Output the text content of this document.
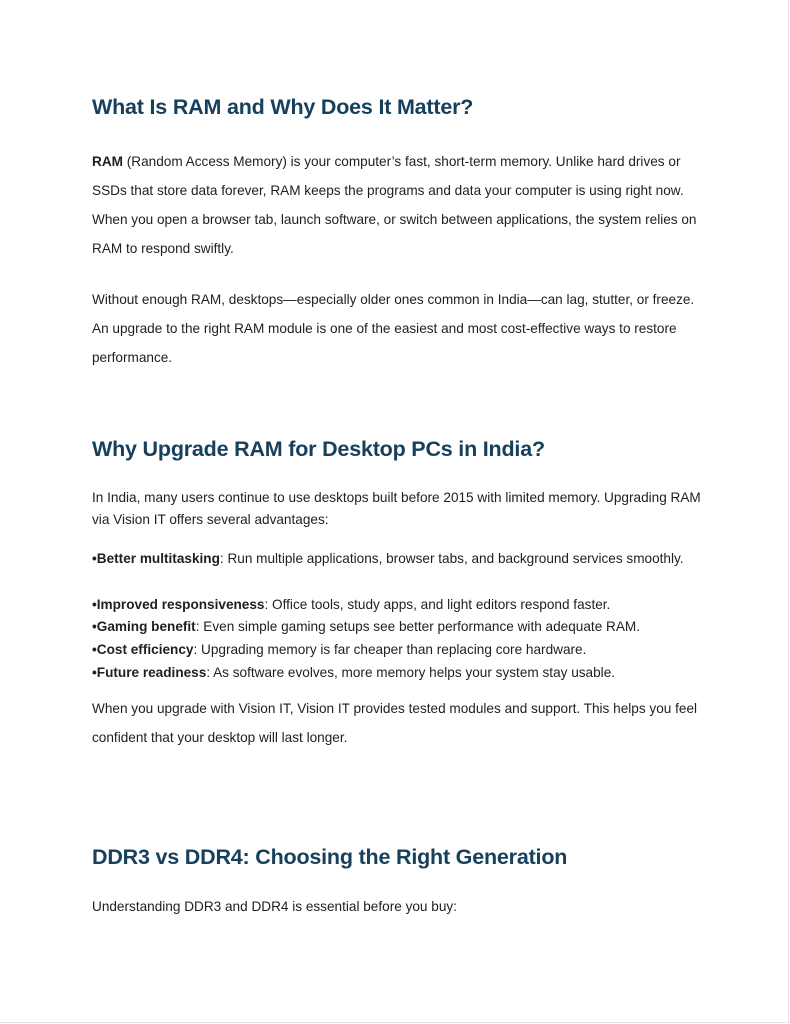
What Is RAM and Why Does It Matter?

RAM (Random Access Memory) is your computer’s fast, short-term memory. Unlike hard drives or SSDs that store data forever, RAM keeps the programs and data your computer is using right now. When you open a browser tab, launch software, or switch between applications, the system relies on RAM to respond swiftly.

Without enough RAM, desktops—especially older ones common in India—can lag, stutter, or freeze. An upgrade to the right RAM module is one of the easiest and most cost-effective ways to restore performance.

Why Upgrade RAM for Desktop PCs in India?

In India, many users continue to use desktops built before 2015 with limited memory. Upgrading RAM via Vision IT offers several advantages:

•Better multitasking: Run multiple applications, browser tabs, and background services smoothly.
•Improved responsiveness: Office tools, study apps, and light editors respond faster.
•Gaming benefit: Even simple gaming setups see better performance with adequate RAM.
•Cost efficiency: Upgrading memory is far cheaper than replacing core hardware.
•Future readiness: As software evolves, more memory helps your system stay usable.

When you upgrade with Vision IT, Vision IT provides tested modules and support. This helps you feel confident that your desktop will last longer.

DDR3 vs DDR4: Choosing the Right Generation

Understanding DDR3 and DDR4 is essential before you buy:
